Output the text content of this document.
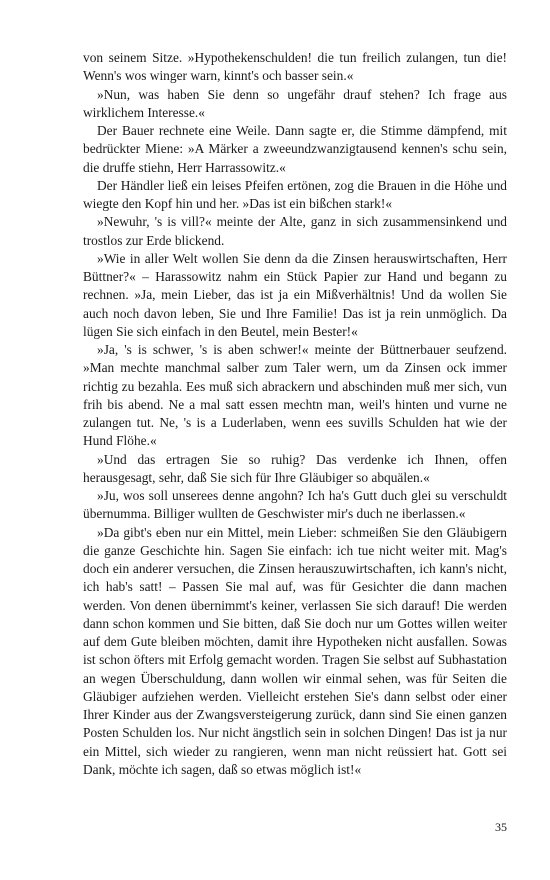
von seinem Sitze. »Hypothekenschulden! die tun freilich zulangen, tun die! Wenn's wos winger warn, kinnt's och basser sein.«

»Nun, was haben Sie denn so ungefähr drauf stehen? Ich frage aus wirklichem Interesse.«

Der Bauer rechnete eine Weile. Dann sagte er, die Stimme dämpfend, mit bedrückter Miene: »A Märker a zweeundzwanzigtausend kennen's schu sein, die druffe stiehn, Herr Harrassowitz.«

Der Händler ließ ein leises Pfeifen ertönen, zog die Brauen in die Höhe und wiegte den Kopf hin und her. »Das ist ein bißchen stark!«

»Newuhr, 's is vill?« meinte der Alte, ganz in sich zusammensinkend und trostlos zur Erde blickend.

»Wie in aller Welt wollen Sie denn da die Zinsen herauswirtschaften, Herr Büttner?« – Harassowitz nahm ein Stück Papier zur Hand und begann zu rechnen. »Ja, mein Lieber, das ist ja ein Mißverhältnis! Und da wollen Sie auch noch davon leben, Sie und Ihre Familie! Das ist ja rein unmöglich. Da lügen Sie sich einfach in den Beutel, mein Bester!«

»Ja, 's is schwer, 's is aben schwer!« meinte der Büttnerbauer seufzend. »Man mechte manchmal salber zum Taler wern, um da Zinsen ock immer richtig zu bezahla. Ees muß sich abrackern und abschinden muß mer sich, vun frih bis abend. Ne a mal satt essen mechtn man, weil's hinten und vurne ne zulangen tut. Ne, 's is a Luderlaben, wenn ees suvills Schulden hat wie der Hund Flöhe.«

»Und das ertragen Sie so ruhig? Das verdenke ich Ihnen, offen herausgesagt, sehr, daß Sie sich für Ihre Gläubiger so abquälen.«

»Ju, wos soll unserees denne angohn? Ich ha's Gutt duch glei su verschuldt übernumma. Billiger wullten de Geschwister mir's duch ne iberlassen.«

»Da gibt's eben nur ein Mittel, mein Lieber: schmeißen Sie den Gläubigern die ganze Geschichte hin. Sagen Sie einfach: ich tue nicht weiter mit. Mag's doch ein anderer versuchen, die Zinsen herauszuwirtschaften, ich kann's nicht, ich hab's satt! – Passen Sie mal auf, was für Gesichter die dann machen werden. Von denen übernimmt's keiner, verlassen Sie sich darauf! Die werden dann schon kommen und Sie bitten, daß Sie doch nur um Gottes willen weiter auf dem Gute bleiben möchten, damit ihre Hypotheken nicht ausfallen. Sowas ist schon öfters mit Erfolg gemacht worden. Tragen Sie selbst auf Subhastation an wegen Überschuldung, dann wollen wir einmal sehen, was für Seiten die Gläubiger aufziehen werden. Vielleicht erstehen Sie's dann selbst oder einer Ihrer Kinder aus der Zwangsversteigerung zurück, dann sind Sie einen ganzen Posten Schulden los. Nur nicht ängstlich sein in solchen Dingen! Das ist ja nur ein Mittel, sich wieder zu rangieren, wenn man nicht reüssiert hat. Gott sei Dank, möchte ich sagen, daß so etwas möglich ist!«

35
